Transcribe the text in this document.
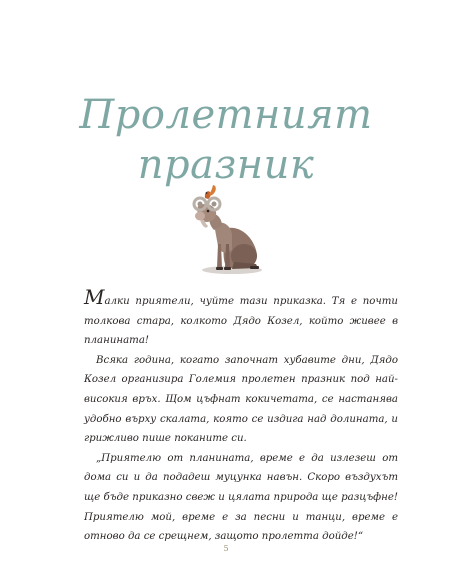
Пролетният
празник

Малки приятели, чуйте тази приказка. Тя е почти толкова стара, колкото Дядо Козел, който живее в планината!

Всяка година, когато започнат хубавите дни, Дядо Козел организира Големия пролетен празник под най-високия връх. Щом цъфнат кокичетата, се настанява удобно върху скалата, която се издига над долината, и грижливо пише поканите си.

„Приятелю от планината, време е да излезеш от дома си и да подадеш муцунка навън. Скоро въздухът ще бъде приказно свеж и цялата природа ще разцъфне! Приятелю мой, време е за песни и танци, време е отново да се срещнем, защото пролетта дойде!“

5
